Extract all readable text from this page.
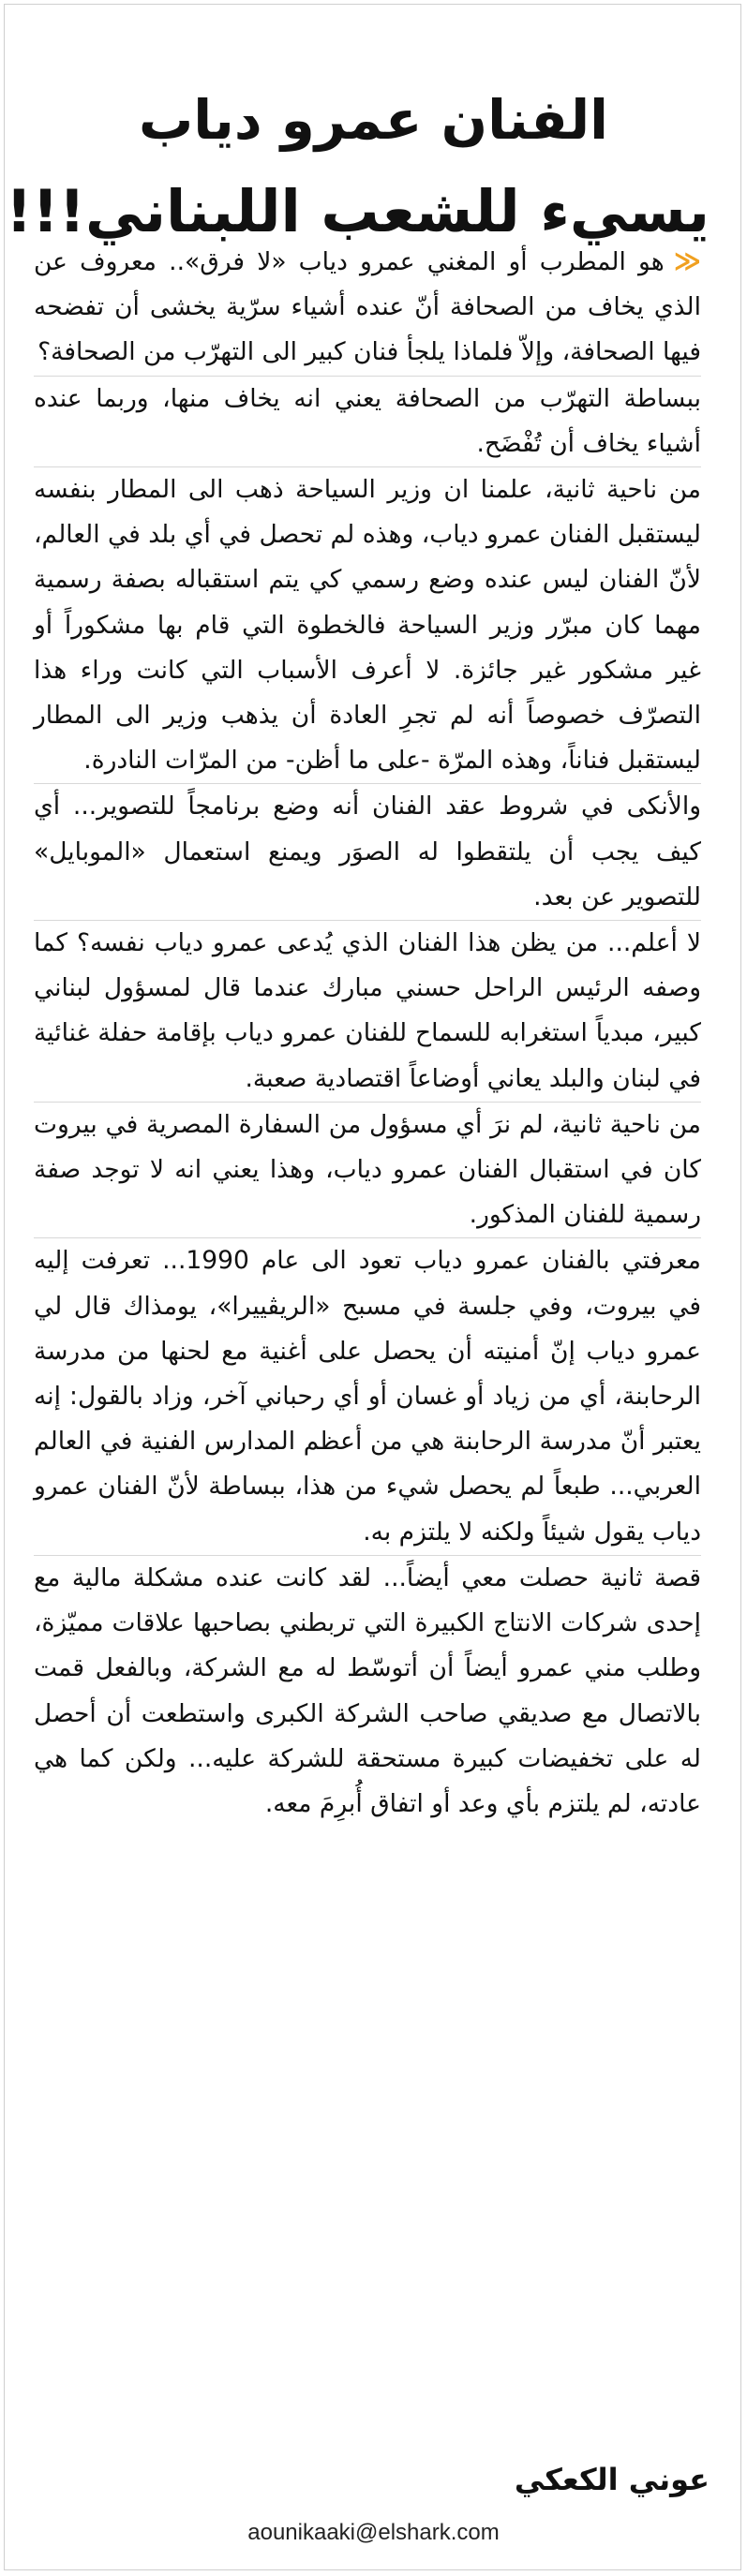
الفنان عمرو دياب
يسيء للشعب اللبناني!!!

≪هو المطرب أو المغني عمرو دياب «لا فرق».. معروف عن الذي يخاف من الصحافة أنّ عنده أشياء سرّية يخشى أن تفضحه فيها الصحافة، وإلاّ فلماذا يلجأ فنان كبير الى التهرّب من الصحافة؟

ببساطة التهرّب من الصحافة يعني انه يخاف منها، وربما عنده أشياء يخاف أن تُفْضَح.

من ناحية ثانية، علمنا ان وزير السياحة ذهب الى المطار بنفسه ليستقبل الفنان عمرو دياب، وهذه لم تحصل في أي بلد في العالم، لأنّ الفنان ليس عنده وضع رسمي كي يتم استقباله بصفة رسمية مهما كان مبرّر وزير السياحة فالخطوة التي قام بها مشكوراً أو غير مشكور غير جائزة. لا أعرف الأسباب التي كانت وراء هذا التصرّف خصوصاً أنه لم تجرِ العادة أن يذهب وزير الى المطار ليستقبل فناناً، وهذه المرّة -على ما أظن- من المرّات النادرة.

والأنكى في شروط عقد الفنان أنه وضع برنامجاً للتصوير... أي كيف يجب أن يلتقطوا له الصوَر ويمنع استعمال «الموبايل» للتصوير عن بعد.

لا أعلم... من يظن هذا الفنان الذي يُدعى عمرو دياب نفسه؟ كما وصفه الرئيس الراحل حسني مبارك عندما قال لمسؤول لبناني كبير، مبدياً استغرابه للسماح للفنان عمرو دياب بإقامة حفلة غنائية في لبنان والبلد يعاني أوضاعاً اقتصادية صعبة.

من ناحية ثانية، لم نرَ أي مسؤول من السفارة المصرية في بيروت كان في استقبال الفنان عمرو دياب، وهذا يعني انه لا توجد صفة رسمية للفنان المذكور.

معرفتي بالفنان عمرو دياب تعود الى عام 1990... تعرفت إليه في بيروت، وفي جلسة في مسبح «الريڤييرا»، يومذاك قال لي عمرو دياب إنّ أمنيته أن يحصل على أغنية مع لحنها من مدرسة الرحابنة، أي من زياد أو غسان أو أي رحباني آخر، وزاد بالقول: إنه يعتبر أنّ مدرسة الرحابنة هي من أعظم المدارس الفنية في العالم العربي... طبعاً لم يحصل شيء من هذا، ببساطة لأنّ الفنان عمرو دياب يقول شيئاً ولكنه لا يلتزم به.

قصة ثانية حصلت معي أيضاً... لقد كانت عنده مشكلة مالية مع إحدى شركات الانتاج الكبيرة التي تربطني بصاحبها علاقات مميّزة، وطلب مني عمرو أيضاً أن أتوسّط له مع الشركة، وبالفعل قمت بالاتصال مع صديقي صاحب الشركة الكبرى واستطعت أن أحصل له على تخفيضات كبيرة مستحقة للشركة عليه... ولكن كما هي عادته، لم يلتزم بأي وعد أو اتفاق أُبرِمَ معه.

عوني الكعكي
aounikaaki@elshark.com
